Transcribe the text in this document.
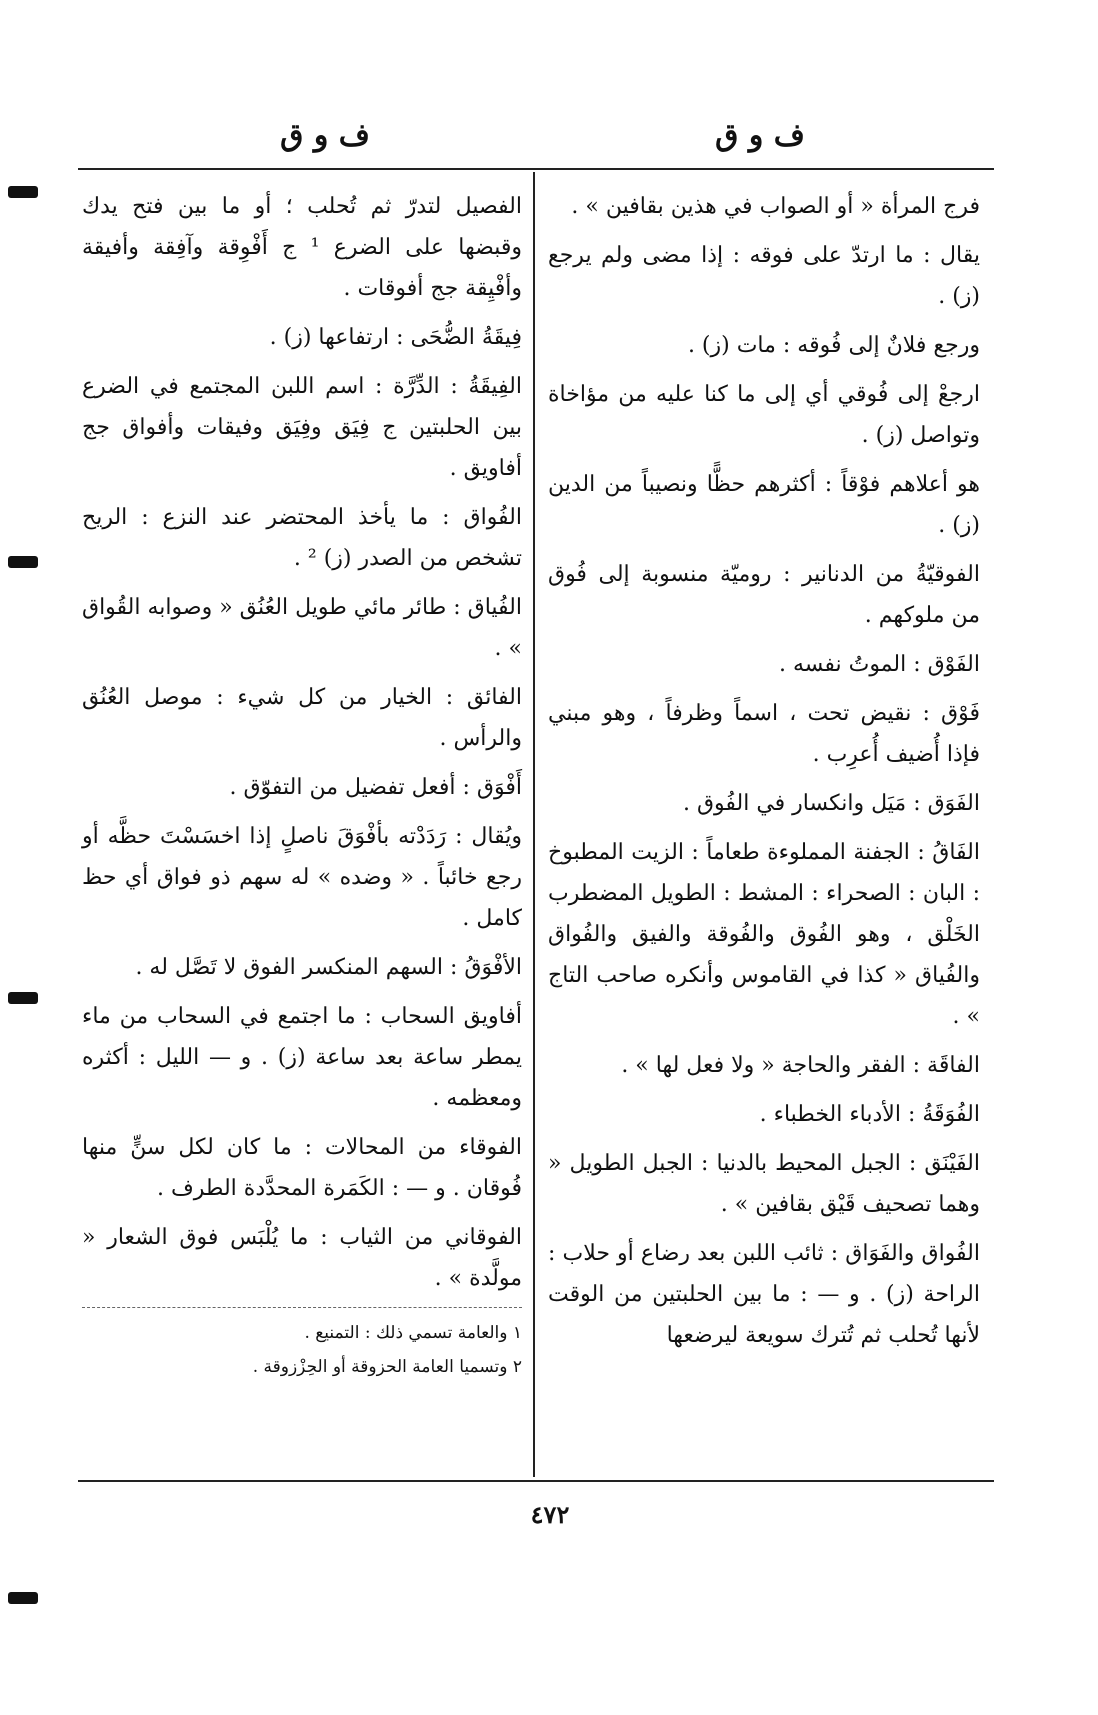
ف و ق
ف و ق
فرج المرأة « أو الصواب في هذين بقافين » .
يقال : ما ارتدّ على فوقه : إذا مضى ولم يرجع (ز) .
ورجع فلانٌ إلى فُوقه : مات (ز) .
ارجعْ إلى فُوقي أي إلى ما كنا عليه من مؤاخاة وتواصل (ز) .
هو أعلاهم فوْقاً : أكثرهم حظًّا ونصيباً من الدين (ز) .
الفوقيّةُ من الدنانير : روميّة منسوبة إلى فُوق من ملوكهم .
الفَوْق : الموتُ نفسه .
فَوْق : نقيض تحت ، اسماً وظرفاً ، وهو مبني فإذا أُضيف أُعرِب .
الفَوَق : مَيَل وانكسار في الفُوق .
الفَاقُ : الجفنة المملوءة طعاماً : الزيت المطبوخ : البان : الصحراء : المشط : الطويل المضطرب الخَلْق ، وهو الفُوق والفُوقة والفيق والفُواق والفُياق « كذا في القاموس وأنكره صاحب التاج » .
الفاقَة : الفقر والحاجة « ولا فعل لها » .
الفُوَقَةُ : الأدباء الخطباء .
الفَيْنَق : الجبل المحيط بالدنيا : الجبل الطويل « وهما تصحيف قَيْق بقافين » .
الفُواق والفَوَاق : ثائب اللبن بعد رضاع أو حلاب : الراحة (ز) . و — : ما بين الحلبتين من الوقت لأنها تُحلب ثم تُترك سويعة ليرضعها
الفصيل لتدرّ ثم تُحلب ؛ أو ما بين فتح يدك وقبضها على الضرع ¹ ج أَفْوِقة وآفِقة وأفيقة وأفْيِقة جج أفوقات .
فِيقَةُ الضُّحَى : ارتفاعها (ز) .
الفِيقَةُ : الدِّرَّة : اسم اللبن المجتمع في الضرع بين الحلبتين ج فِيَق وفِيَق وفيقات وأفواق جج أفاويق .
الفُواق : ما يأخذ المحتضر عند النزع : الريح تشخص من الصدر (ز) ² .
الفُياق : طائر مائي طويل العُنُق « وصوابه القُواق » .
الفائق : الخيار من كل شيء : موصل العُنُق والرأس .
أَفْوَق : أفعل تفضيل من التفوّق .
ويُقال : رَدَدْته بأفْوَقَ ناصلٍ إذا اخسَسْتَ حظَّه أو رجع خائباً . « وضده » له سهم ذو فواق أي حظ كامل .
الأفْوَقُ : السهم المنكسر الفوق لا تَصَّل له .
أفاويق السحاب : ما اجتمع في السحاب من ماء يمطر ساعة بعد ساعة (ز) . و — الليل : أكثره ومعظمه .
الفوقاء من المحالات : ما كان لكل سنٍّ منها فُوقان . و — : الكَمَرة المحدَّدة الطرف .
الفوقاني من الثياب : ما يُلْبَس فوق الشعار « مولَّدة » .
١ والعامة تسمي ذلك : التمنيع .
٢ وتسميا العامة الحزوقة أو الحِزْزوقة .
٤٧٢
